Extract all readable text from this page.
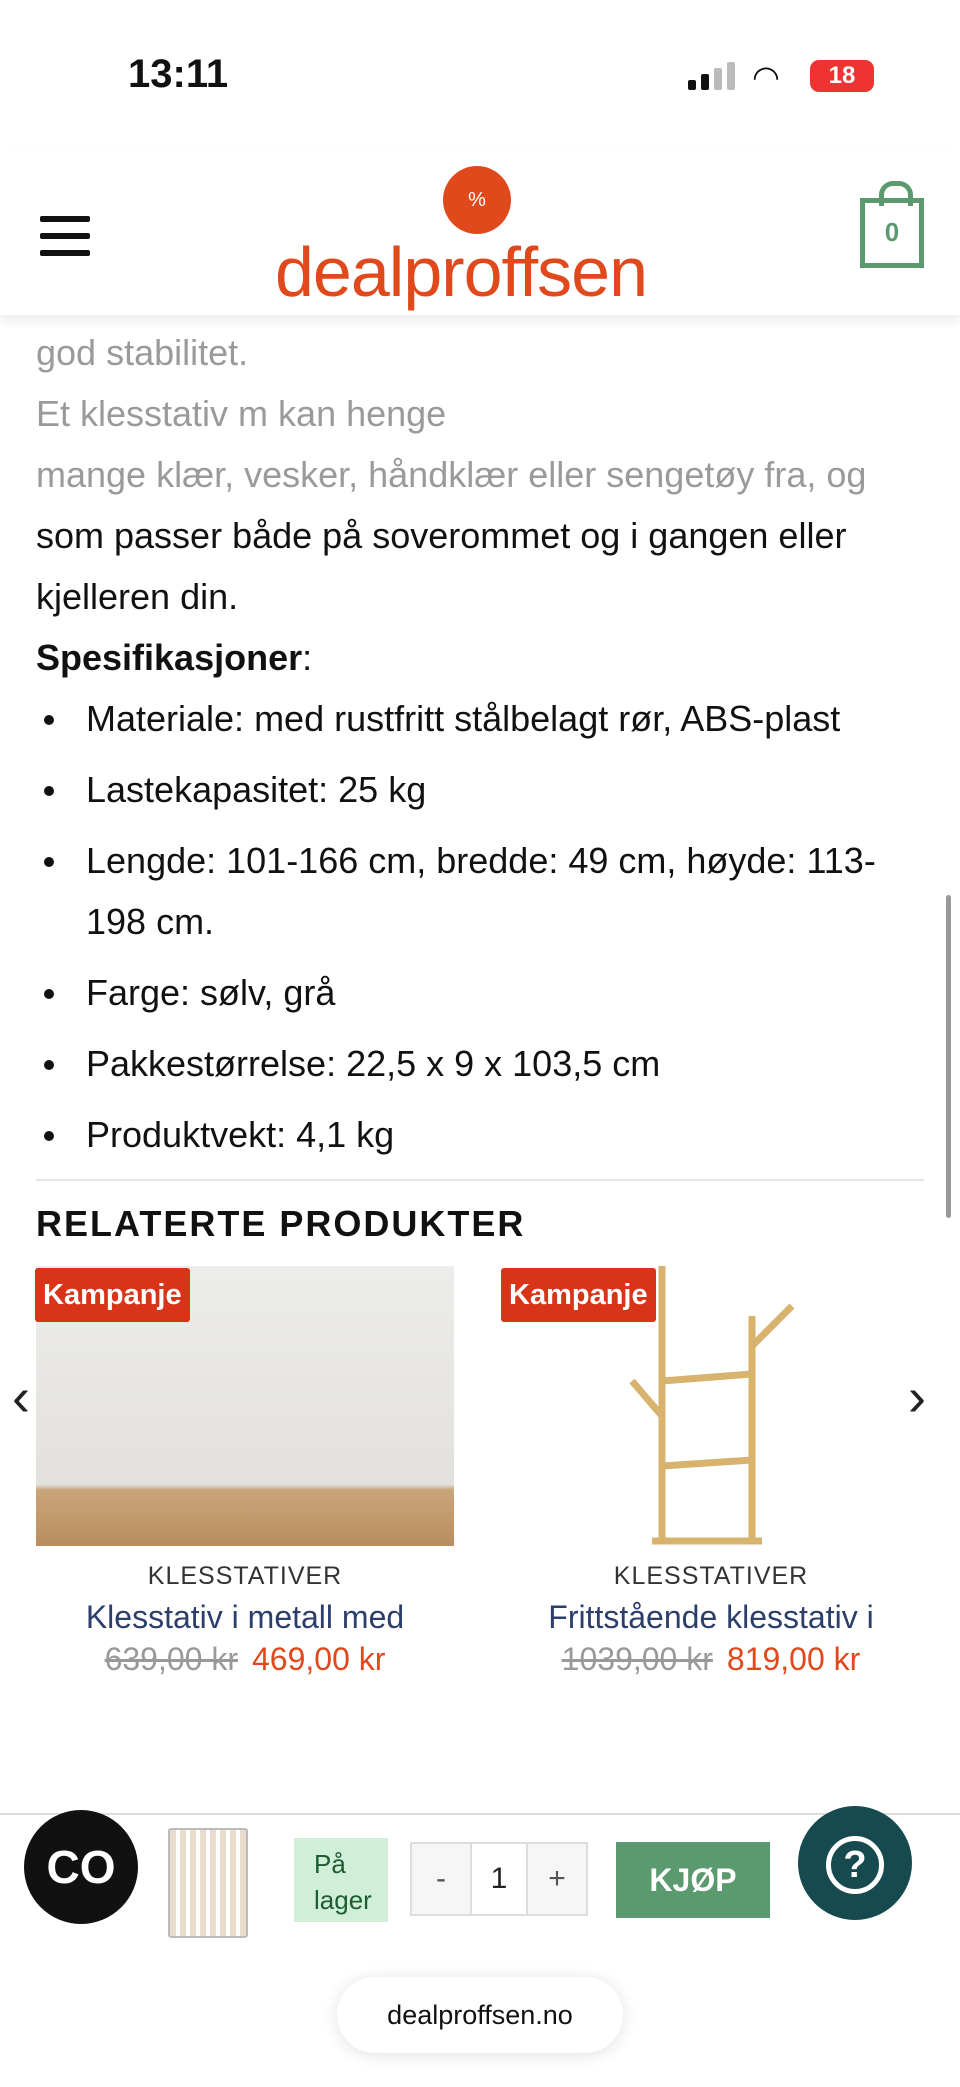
13:11	◠	18
%
dealproffsen
0
god stabilitet.
Et klesstativ m kan henge
mange klær, vesker, håndklær eller sengetøy fra, og

som passer både på soverommet og i gangen eller kjelleren din.

Spesifikasjoner:

Materiale: med rustfritt stålbelagt rør, ABS-plast
Lastekapasitet: 25 kg
Lengde: 101-166 cm, bredde: 49 cm, høyde: 113-198 cm.
Farge: sølv, grå
Pakkestørrelse: 22,5 x 9 x 103,5 cm
Produktvekt: 4,1 kg
RELATERTE PRODUKTER
Kampanje
KLESSTATIVER
Klesstativ i metall med
639,00 kr 469,00 kr
Kampanje
KLESSTATIVER
Frittstående klesstativ i
1039,00 kr 819,00 kr
‹	›
CO	På lager
-	1	+	KJØP	?
dealproffsen.no
